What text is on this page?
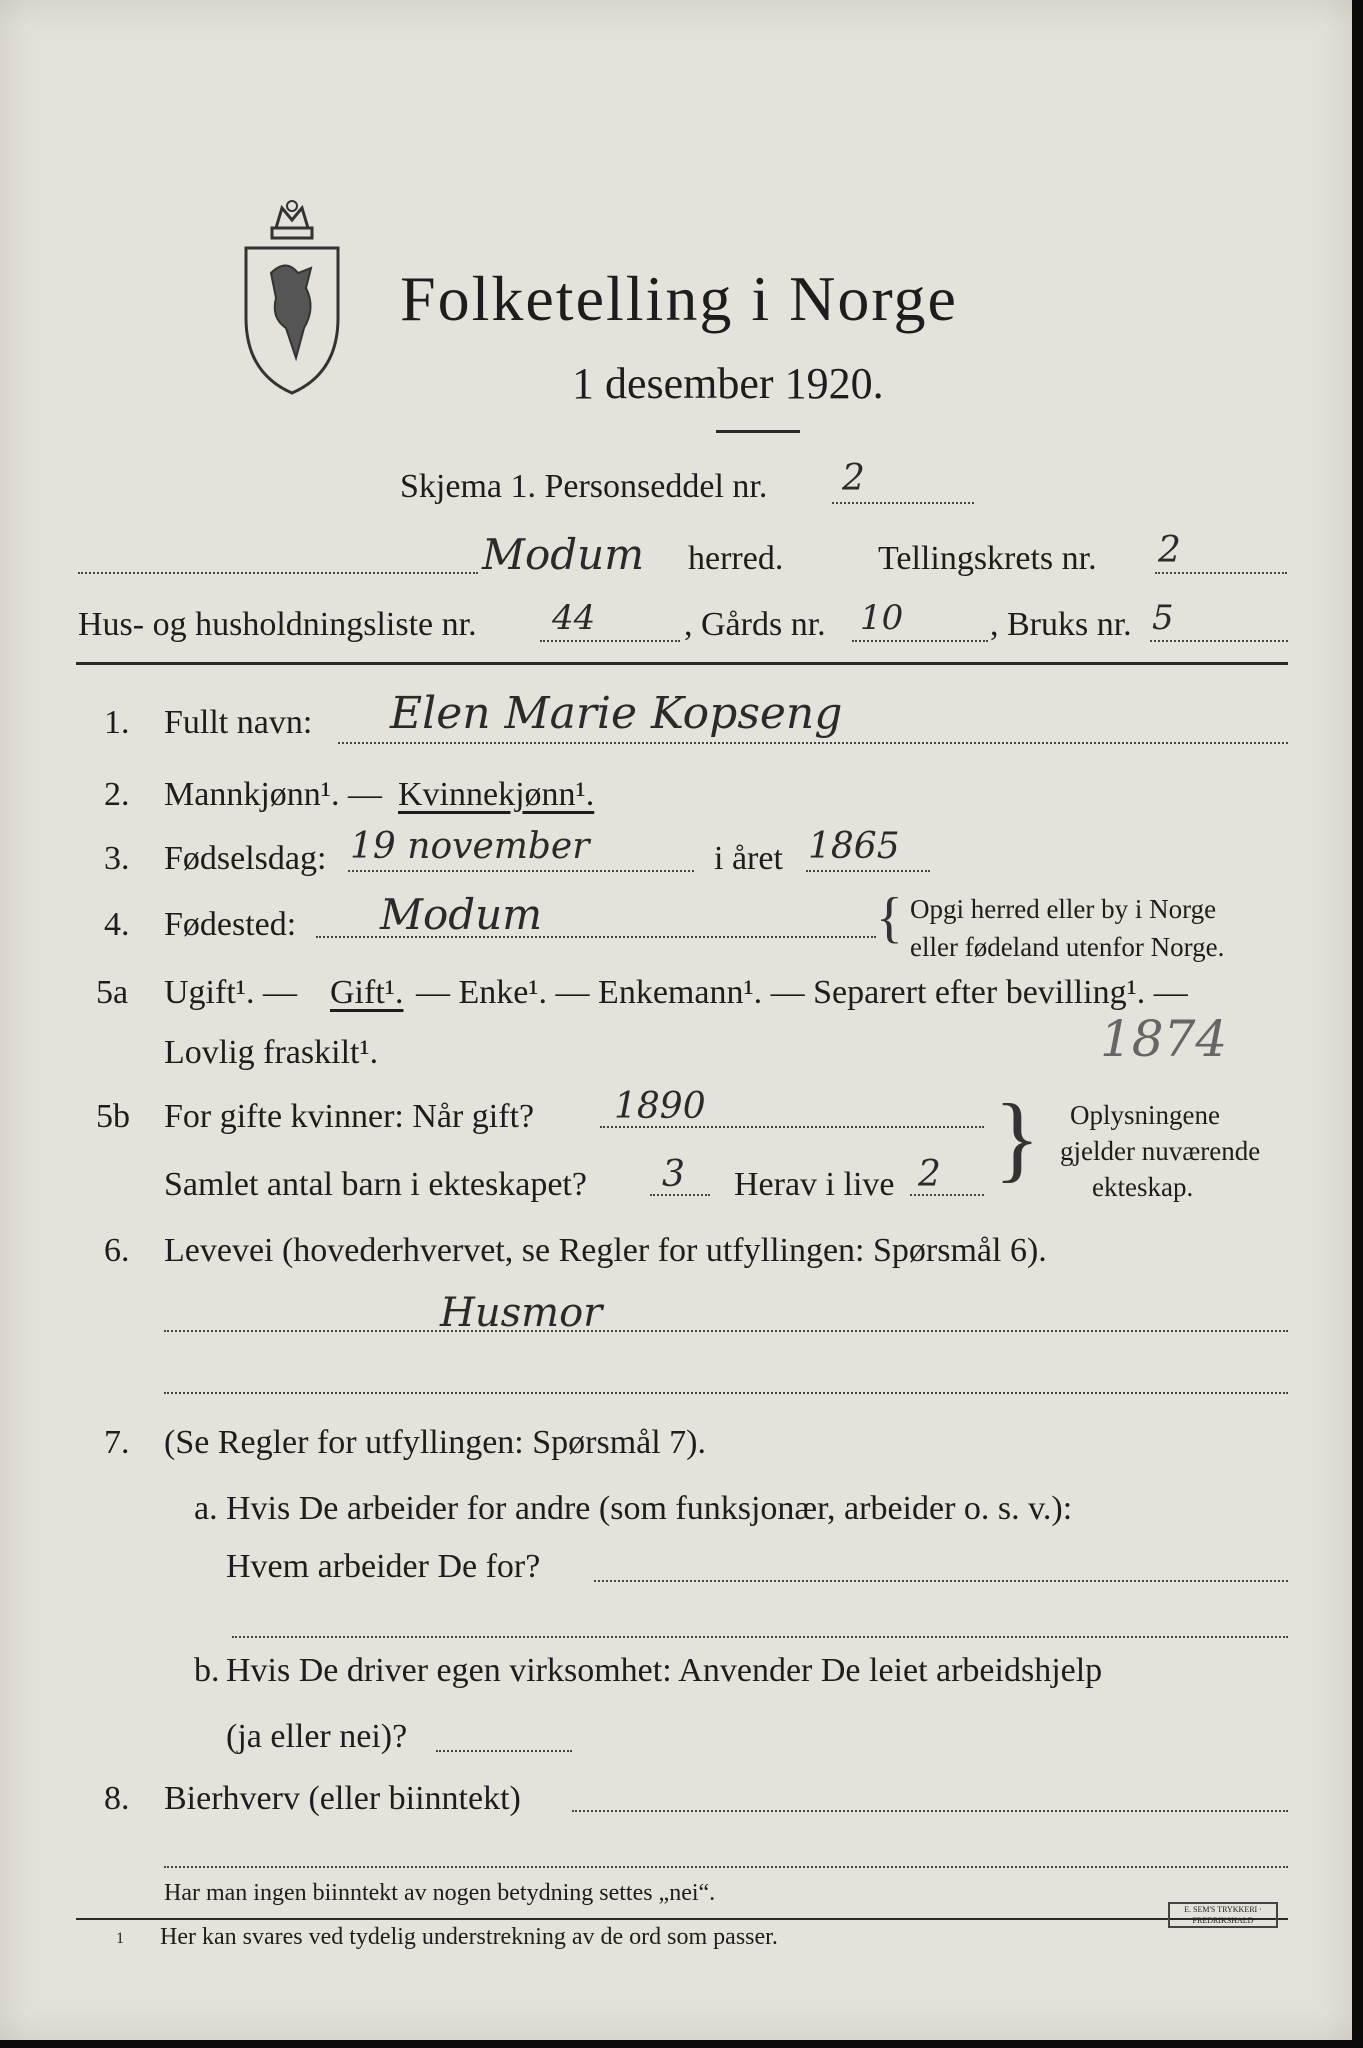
Folketelling i Norge
1 desember 1920.
Skjema 1. Personseddel nr. 2
Modum herred.	Tellingskrets nr. 2
Hus- og husholdningsliste nr. 44	, Gårds nr. 10	, Bruks nr. 5
1. Fullt navn: Elen Marie Kopseng
2. Mannkjønn¹. — Kvinnekjønn¹.
3. Fødselsdag: 19 november	i året 1865
4. Fødested: Modum	{ Opgi herred eller by i Norge
eller fødeland utenfor Norge.
5a Ugift¹. — Gift¹. — Enke¹. — Enkemann¹. — Separert efter bevilling¹. —
Lovlig fraskilt¹.	1874
5b For gifte kvinner: Når gift? 1890
Samlet antal barn i ekteskapet? 3 Herav i live 2 } Oplysningene
gjelder nuværende
ekteskap.
6. Levevei (hovederhvervet, se Regler for utfyllingen: Spørsmål 6).
Husmor
7. (Se Regler for utfyllingen: Spørsmål 7).
a. Hvis De arbeider for andre (som funksjonær, arbeider o. s. v.):
Hvem arbeider De for?
b. Hvis De driver egen virksomhet: Anvender De leiet arbeidshjelp
(ja eller nei)?
8. Bierhverv (eller biinntekt)
Har man ingen biinntekt av nogen betydning settes „nei“.
1 Her kan svares ved tydelig understrekning av de ord som passer.
E. SEM'S TRYKKERI · FREDRIKSHALD
